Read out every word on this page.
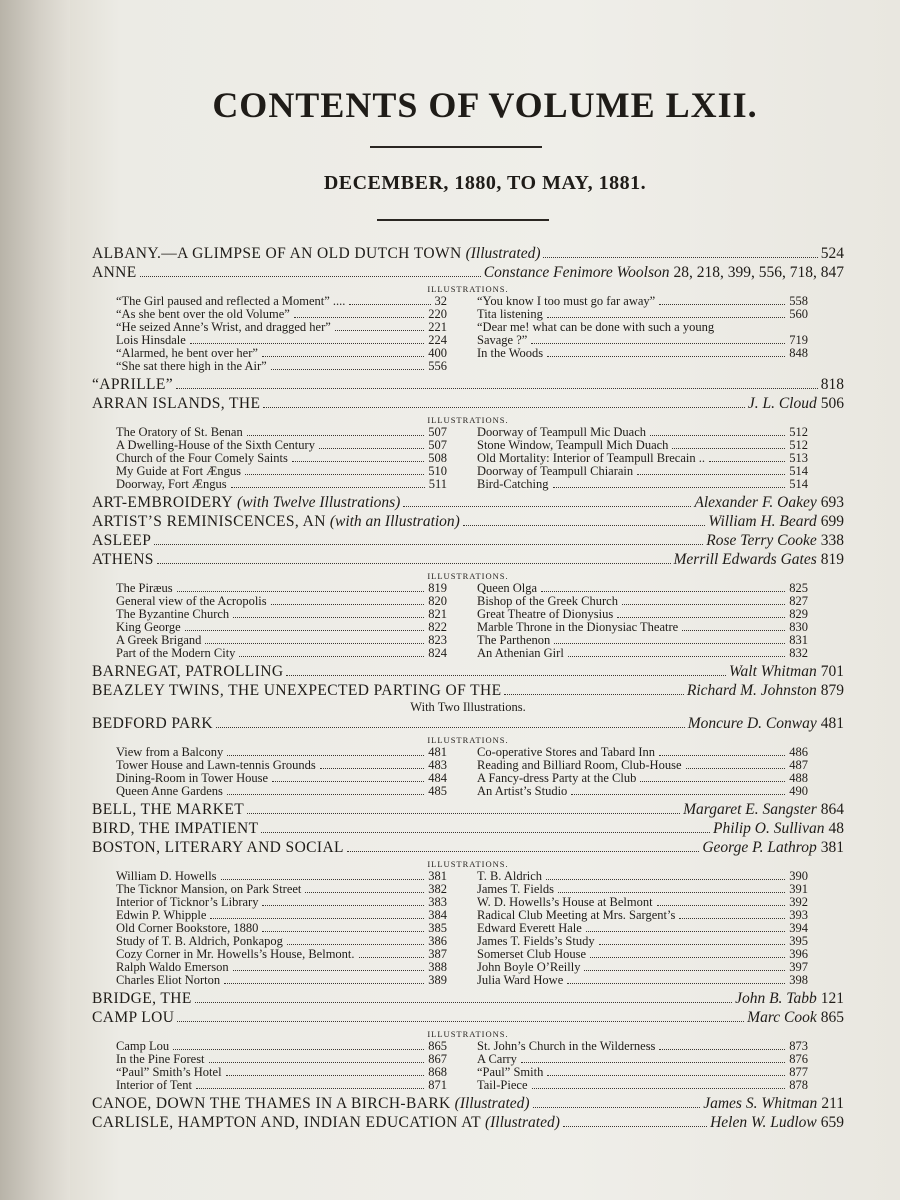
CONTENTS OF VOLUME LXII.
DECEMBER, 1880, TO MAY, 1881.
ALBANY.—A GLIMPSE OF AN OLD DUTCH TOWN (Illustrated)	524
ANNE	Constance Fenimore Woolson 28, 218, 399, 556, 718, 847
ILLUSTRATIONS.
“The Girl paused and reflected a Moment” ....	32
“As she bent over the old Volume”	220
“He seized Anne’s Wrist, and dragged her”	221
Lois Hinsdale	224
“Alarmed, he bent over her”	400
“She sat there high in the Air”	556
“You know I too must go far away”	558
Tita listening	560
“Dear me! what can be done with such a young
Savage ?”	719
In the Woods	848
“APRILLE”	818
ARRAN ISLANDS, THE	J. L. Cloud 506
ILLUSTRATIONS.
The Oratory of St. Benan	507
A Dwelling-House of the Sixth Century	507
Church of the Four Comely Saints	508
My Guide at Fort Ængus	510
Doorway, Fort Ængus	511
Doorway of Teampull Mic Duach	512
Stone Window, Teampull Mich Duach	512
Old Mortality: Interior of Teampull Brecain ..	513
Doorway of Teampull Chiarain	514
Bird-Catching	514
ART-EMBROIDERY (with Twelve Illustrations)	Alexander F. Oakey 693
ARTIST’S REMINISCENCES, AN (with an Illustration)	William H. Beard 699
ASLEEP	Rose Terry Cooke 338
ATHENS	Merrill Edwards Gates 819
ILLUSTRATIONS.
The Piræus	819
General view of the Acropolis	820
The Byzantine Church	821
King George	822
A Greek Brigand	823
Part of the Modern City	824
Queen Olga	825
Bishop of the Greek Church	827
Great Theatre of Dionysius	829
Marble Throne in the Dionysiac Theatre	830
The Parthenon	831
An Athenian Girl	832
BARNEGAT, PATROLLING	Walt Whitman 701
BEAZLEY TWINS, THE UNEXPECTED PARTING OF THE	Richard M. Johnston 879
With Two Illustrations.
BEDFORD PARK	Moncure D. Conway 481
ILLUSTRATIONS.
View from a Balcony	481
Tower House and Lawn-tennis Grounds	483
Dining-Room in Tower House	484
Queen Anne Gardens	485
Co-operative Stores and Tabard Inn	486
Reading and Billiard Room, Club-House	487
A Fancy-dress Party at the Club	488
An Artist’s Studio	490
BELL, THE MARKET	Margaret E. Sangster 864
BIRD, THE IMPATIENT	Philip O. Sullivan 48
BOSTON, LITERARY AND SOCIAL	George P. Lathrop 381
ILLUSTRATIONS.
William D. Howells	381
The Ticknor Mansion, on Park Street	382
Interior of Ticknor’s Library	383
Edwin P. Whipple	384
Old Corner Bookstore, 1880	385
Study of T. B. Aldrich, Ponkapog	386
Cozy Corner in Mr. Howells’s House, Belmont.	387
Ralph Waldo Emerson	388
Charles Eliot Norton	389
T. B. Aldrich	390
James T. Fields	391
W. D. Howells’s House at Belmont	392
Radical Club Meeting at Mrs. Sargent’s	393
Edward Everett Hale	394
James T. Fields’s Study	395
Somerset Club House	396
John Boyle O’Reilly	397
Julia Ward Howe	398
BRIDGE, THE	John B. Tabb 121
CAMP LOU	Marc Cook 865
ILLUSTRATIONS.
Camp Lou	865
In the Pine Forest	867
“Paul” Smith’s Hotel	868
Interior of Tent	871
St. John’s Church in the Wilderness	873
A Carry	876
“Paul” Smith	877
Tail-Piece	878
CANOE, DOWN THE THAMES IN A BIRCH-BARK (Illustrated)	James S. Whitman 211
CARLISLE, HAMPTON AND, INDIAN EDUCATION AT (Illustrated)	Helen W. Ludlow 659
